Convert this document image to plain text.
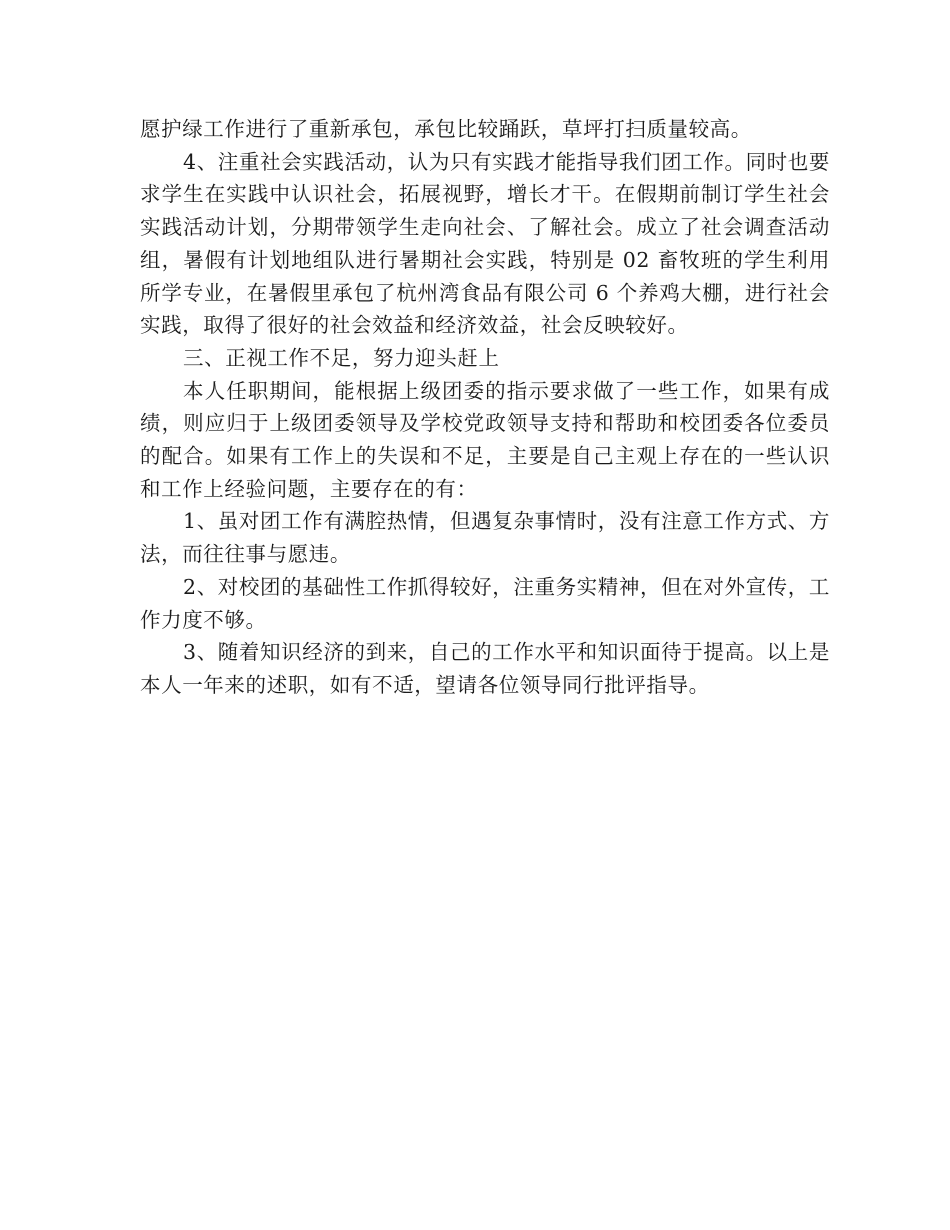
愿护绿工作进行了重新承包，承包比较踊跃，草坪打扫质量较高。

4、注重社会实践活动，认为只有实践才能指导我们团工作。同时也要求学生在实践中认识社会，拓展视野，增长才干。在假期前制订学生社会实践活动计划，分期带领学生走向社会、了解社会。成立了社会调查活动组，暑假有计划地组队进行暑期社会实践，特别是 02 畜牧班的学生利用所学专业，在暑假里承包了杭州湾食品有限公司 6 个养鸡大棚，进行社会实践，取得了很好的社会效益和经济效益，社会反映较好。

三、正视工作不足，努力迎头赶上

本人任职期间，能根据上级团委的指示要求做了一些工作，如果有成绩，则应归于上级团委领导及学校党政领导支持和帮助和校团委各位委员的配合。如果有工作上的失误和不足，主要是自己主观上存在的一些认识和工作上经验问题，主要存在的有：

1、虽对团工作有满腔热情，但遇复杂事情时，没有注意工作方式、方法，而往往事与愿违。

2、对校团的基础性工作抓得较好，注重务实精神，但在对外宣传，工作力度不够。

3、随着知识经济的到来，自己的工作水平和知识面待于提高。以上是本人一年来的述职，如有不适，望请各位领导同行批评指导。
